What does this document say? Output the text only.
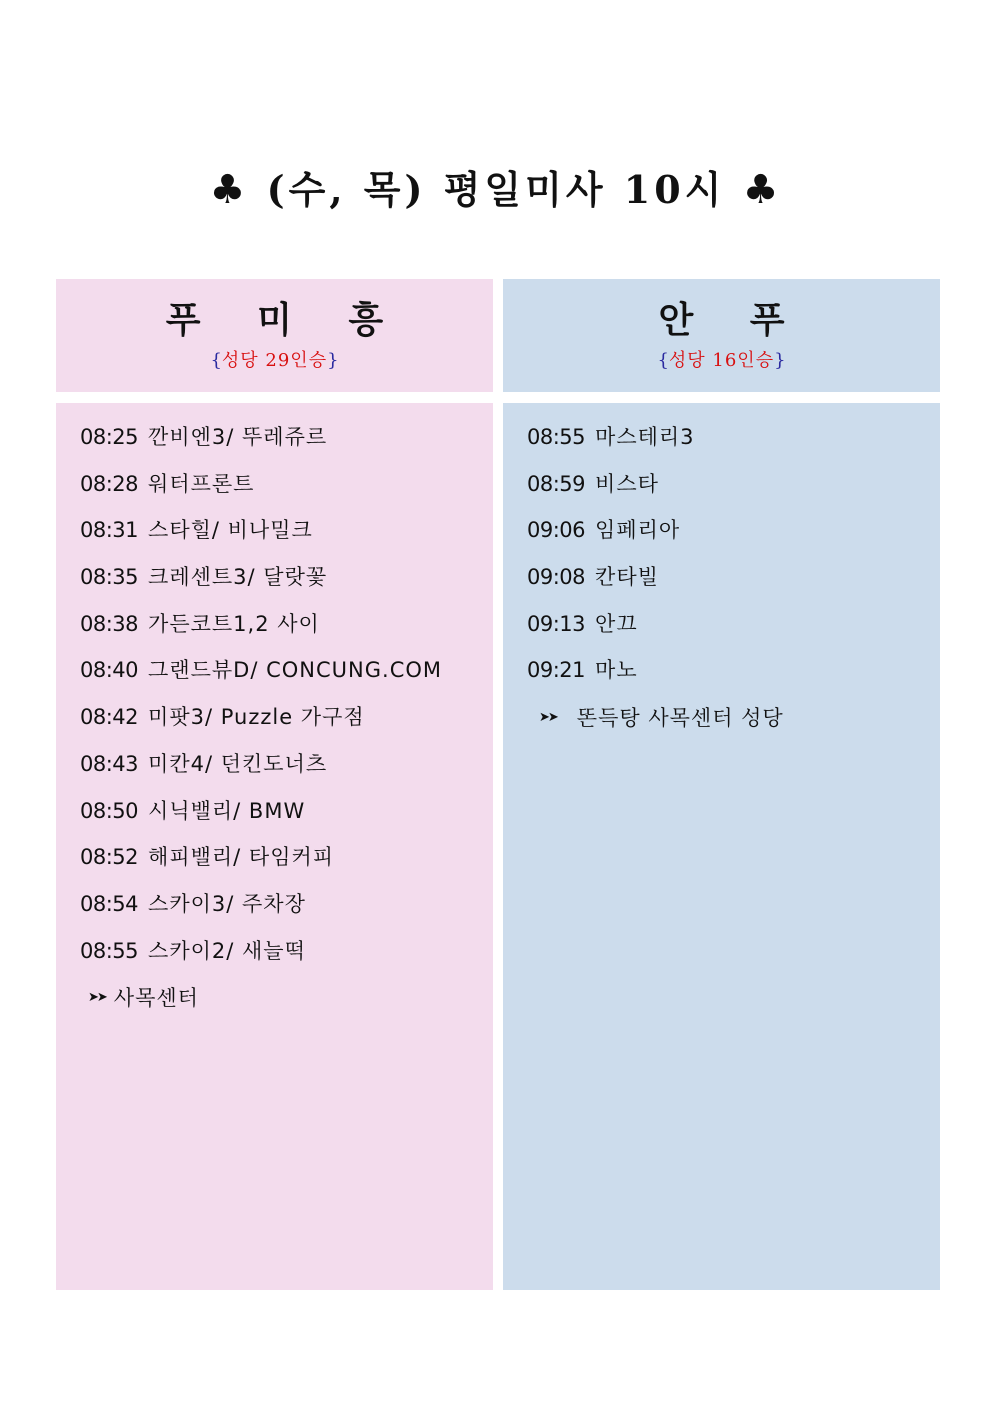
♣ (수, 목) 평일미사 10시 ♣
푸 미 흥
{성당 29인승}
안 푸
{성당 16인승}
08:25 깐비엔3/ 뚜레쥬르
08:28 워터프론트
08:31 스타힐/ 비나밀크
08:35 크레센트3/ 달랏꽃
08:38 가든코트1,2 사이
08:40 그랜드뷰D/ CONCUNG.COM
08:42 미팟3/ Puzzle 가구점
08:43 미칸4/ 던킨도너츠
08:50 시닉밸리/ BMW
08:52 해피밸리/ 타임커피
08:54 스카이3/ 주차장
08:55 스카이2/ 새늘떡
➤➤ 사목센터
08:55 마스테리3
08:59 비스타
09:06 임페리아
09:08 칸타빌
09:13 안끄
09:21 마노
➤➤ 똔득탕 사목센터 성당
